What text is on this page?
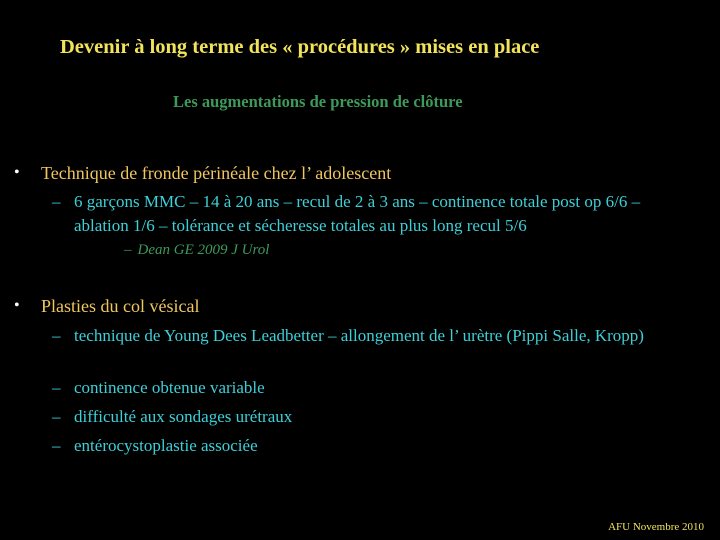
Devenir à long terme des « procédures » mises en place
Les augmentations de pression de clôture
• Technique de fronde périnéale chez l’ adolescent
– 6 garçons MMC – 14 à 20 ans – recul de 2 à 3 ans – continence totale post op 6/6 – ablation 1/6 – tolérance et sécheresse totales au plus long recul 5/6
– Dean GE 2009 J Urol
• Plasties du col vésical
– technique de Young Dees Leadbetter – allongement de l’ urètre (Pippi Salle, Kropp)
– continence obtenue variable
– difficulté aux sondages urétraux
– entérocystoplastie associée
AFU Novembre 2010
